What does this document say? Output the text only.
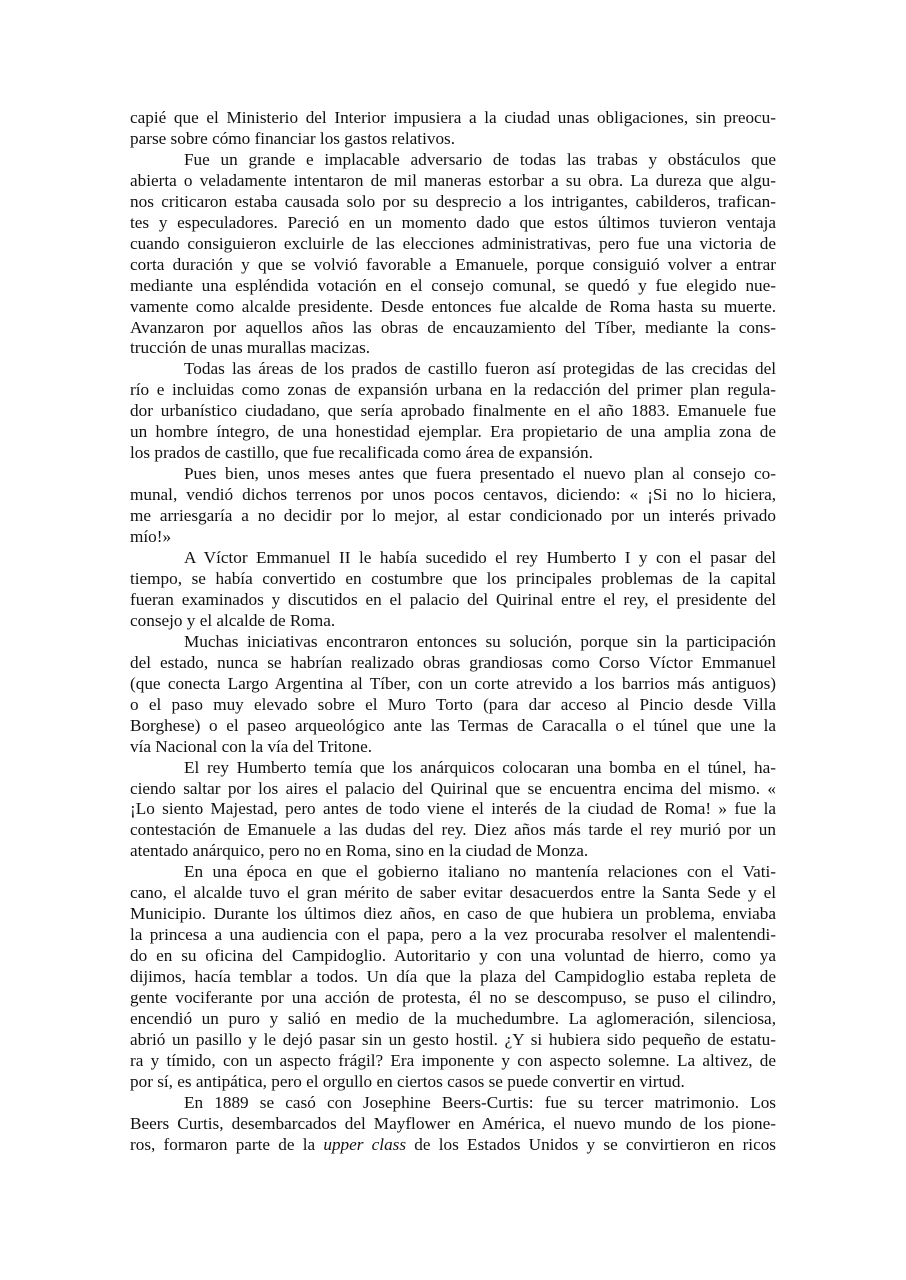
capié que el Ministerio del Interior impusiera a la ciudad unas obligaciones, sin preocu-
parse sobre cómo financiar los gastos relativos.
Fue un grande e implacable adversario de todas las trabas y obstáculos que
abierta o veladamente intentaron de mil maneras estorbar a su obra. La dureza que algu-
nos criticaron estaba causada solo por su desprecio a los intrigantes, cabilderos, trafican-
tes y especuladores. Pareció en un momento dado que estos últimos tuvieron ventaja
cuando consiguieron excluirle de las elecciones administrativas, pero fue una victoria de
corta duración y que se volvió favorable a Emanuele, porque consiguió volver a entrar
mediante una espléndida votación en el consejo comunal, se quedó y fue elegido nue-
vamente como alcalde presidente. Desde entonces fue alcalde de Roma hasta su muerte.
Avanzaron por aquellos años las obras de encauzamiento del Tíber, mediante la cons-
trucción de unas murallas macizas.
Todas las áreas de los prados de castillo fueron así protegidas de las crecidas del
río e incluidas como zonas de expansión urbana en la redacción del primer plan regula-
dor urbanístico ciudadano, que sería aprobado finalmente en el año 1883. Emanuele fue
un hombre íntegro, de una honestidad ejemplar. Era propietario de una amplia zona de
los prados de castillo, que fue recalificada como área de expansión.
Pues bien, unos meses antes que fuera presentado el nuevo plan al consejo co-
munal, vendió dichos terrenos por unos pocos centavos, diciendo: « ¡Si no lo hiciera,
me arriesgaría a no decidir por lo mejor, al estar condicionado por un interés privado
mío!»
A Víctor Emmanuel II le había sucedido el rey Humberto I y con el pasar del
tiempo, se había convertido en costumbre que los principales problemas de la capital
fueran examinados y discutidos en el palacio del Quirinal entre el rey, el presidente del
consejo y el alcalde de Roma.
Muchas iniciativas encontraron entonces su solución, porque sin la participación
del estado, nunca se habrían realizado obras grandiosas como Corso Víctor Emmanuel
(que conecta Largo Argentina al Tíber, con un corte atrevido a los barrios más antiguos)
o el paso muy elevado sobre el Muro Torto (para dar acceso al Pincio desde Villa
Borghese) o el paseo arqueológico ante las Termas de Caracalla o el túnel que une la
vía Nacional con la vía del Tritone.
El rey Humberto temía que los anárquicos colocaran una bomba en el túnel, ha-
ciendo saltar por los aires el palacio del Quirinal que se encuentra encima del mismo. «
¡Lo siento Majestad, pero antes de todo viene el interés de la ciudad de Roma! » fue la
contestación de Emanuele a las dudas del rey. Diez años más tarde el rey murió por un
atentado anárquico, pero no en Roma, sino en la ciudad de Monza.
En una época en que el gobierno italiano no mantenía relaciones con el Vati-
cano, el alcalde tuvo el gran mérito de saber evitar desacuerdos entre la Santa Sede y el
Municipio. Durante los últimos diez años, en caso de que hubiera un problema, enviaba
la princesa a una audiencia con el papa, pero a la vez procuraba resolver el malentendi-
do en su oficina del Campidoglio. Autoritario y con una voluntad de hierro, como ya
dijimos, hacía temblar a todos. Un día que la plaza del Campidoglio estaba repleta de
gente vociferante por una acción de protesta, él no se descompuso, se puso el cilindro,
encendió un puro y salió en medio de la muchedumbre. La aglomeración, silenciosa,
abrió un pasillo y le dejó pasar sin un gesto hostil. ¿Y si hubiera sido pequeño de estatu-
ra y tímido, con un aspecto frágil? Era imponente y con aspecto solemne. La altivez, de
por sí, es antipática, pero el orgullo en ciertos casos se puede convertir en virtud.
En 1889 se casó con Josephine Beers-Curtis: fue su tercer matrimonio. Los
Beers Curtis, desembarcados del Mayflower en América, el nuevo mundo de los pione-
ros, formaron parte de la upper class de los Estados Unidos y se convirtieron en ricos
